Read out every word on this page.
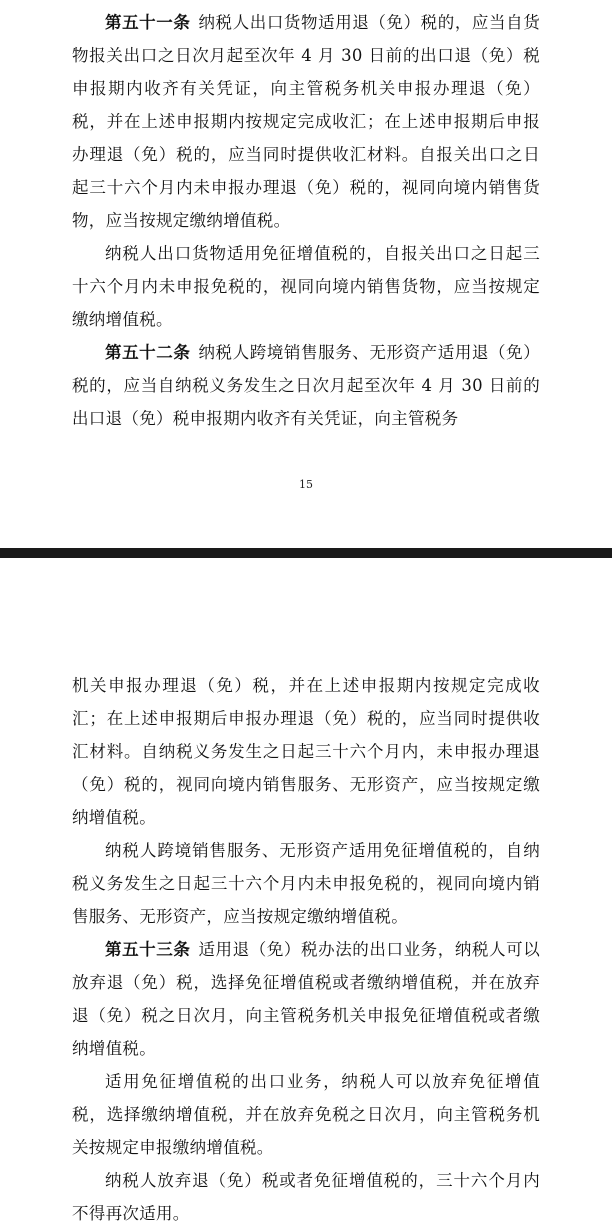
第五十一条 纳税人出口货物适用退（免）税的，应当自货物报关出口之日次月起至次年 4 月 30 日前的出口退（免）税申报期内收齐有关凭证，向主管税务机关申报办理退（免）税，并在上述申报期内按规定完成收汇；在上述申报期后申报办理退（免）税的，应当同时提供收汇材料。自报关出口之日起三十六个月内未申报办理退（免）税的，视同向境内销售货物，应当按规定缴纳增值税。

纳税人出口货物适用免征增值税的，自报关出口之日起三十六个月内未申报免税的，视同向境内销售货物，应当按规定缴纳增值税。

第五十二条 纳税人跨境销售服务、无形资产适用退（免）税的，应当自纳税义务发生之日次月起至次年 4 月 30 日前的出口退（免）税申报期内收齐有关凭证，向主管税务

15

机关申报办理退（免）税，并在上述申报期内按规定完成收汇；在上述申报期后申报办理退（免）税的，应当同时提供收汇材料。自纳税义务发生之日起三十六个月内，未申报办理退（免）税的，视同向境内销售服务、无形资产，应当按规定缴纳增值税。

纳税人跨境销售服务、无形资产适用免征增值税的，自纳税义务发生之日起三十六个月内未申报免税的，视同向境内销售服务、无形资产，应当按规定缴纳增值税。

第五十三条 适用退（免）税办法的出口业务，纳税人可以放弃退（免）税，选择免征增值税或者缴纳增值税，并在放弃退（免）税之日次月，向主管税务机关申报免征增值税或者缴纳增值税。

适用免征增值税的出口业务，纳税人可以放弃免征增值税，选择缴纳增值税，并在放弃免税之日次月，向主管税务机关按规定申报缴纳增值税。

纳税人放弃退（免）税或者免征增值税的，三十六个月内不得再次适用。
